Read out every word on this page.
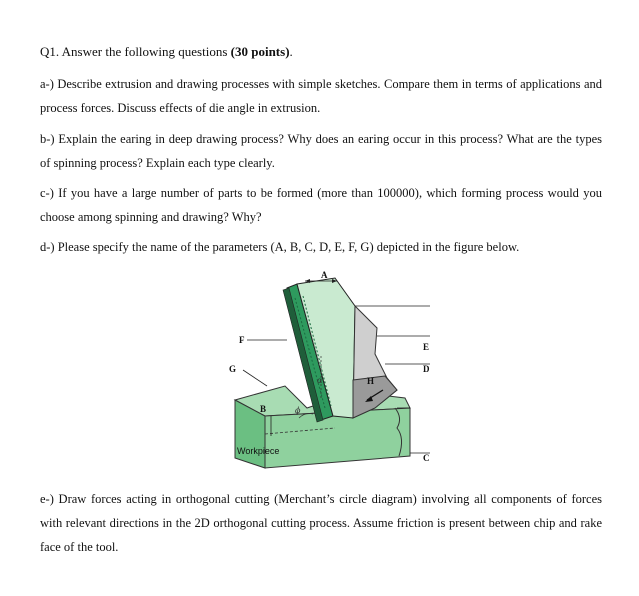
Q1. Answer the following questions (30 points).
a-) Describe extrusion and drawing processes with simple sketches. Compare them in terms of applications and process forces. Discuss effects of die angle in extrusion.
b-) Explain the earing in deep drawing process? Why does an earing occur in this process? What are the types of spinning process? Explain each type clearly.
c-) If you have a large number of parts to be formed (more than 100000), which forming process would you choose among spinning and drawing? Why?
d-) Please specify the name of the parameters (A, B, C, D, E, F, G) depicted in the figure below.
A
B
C
D
E
F
G
H
α
ϕ
Workpiece
e-) Draw forces acting in orthogonal cutting (Merchant’s circle diagram) involving all components of forces with relevant directions in the 2D orthogonal cutting process. Assume friction is present between chip and rake face of the tool.
